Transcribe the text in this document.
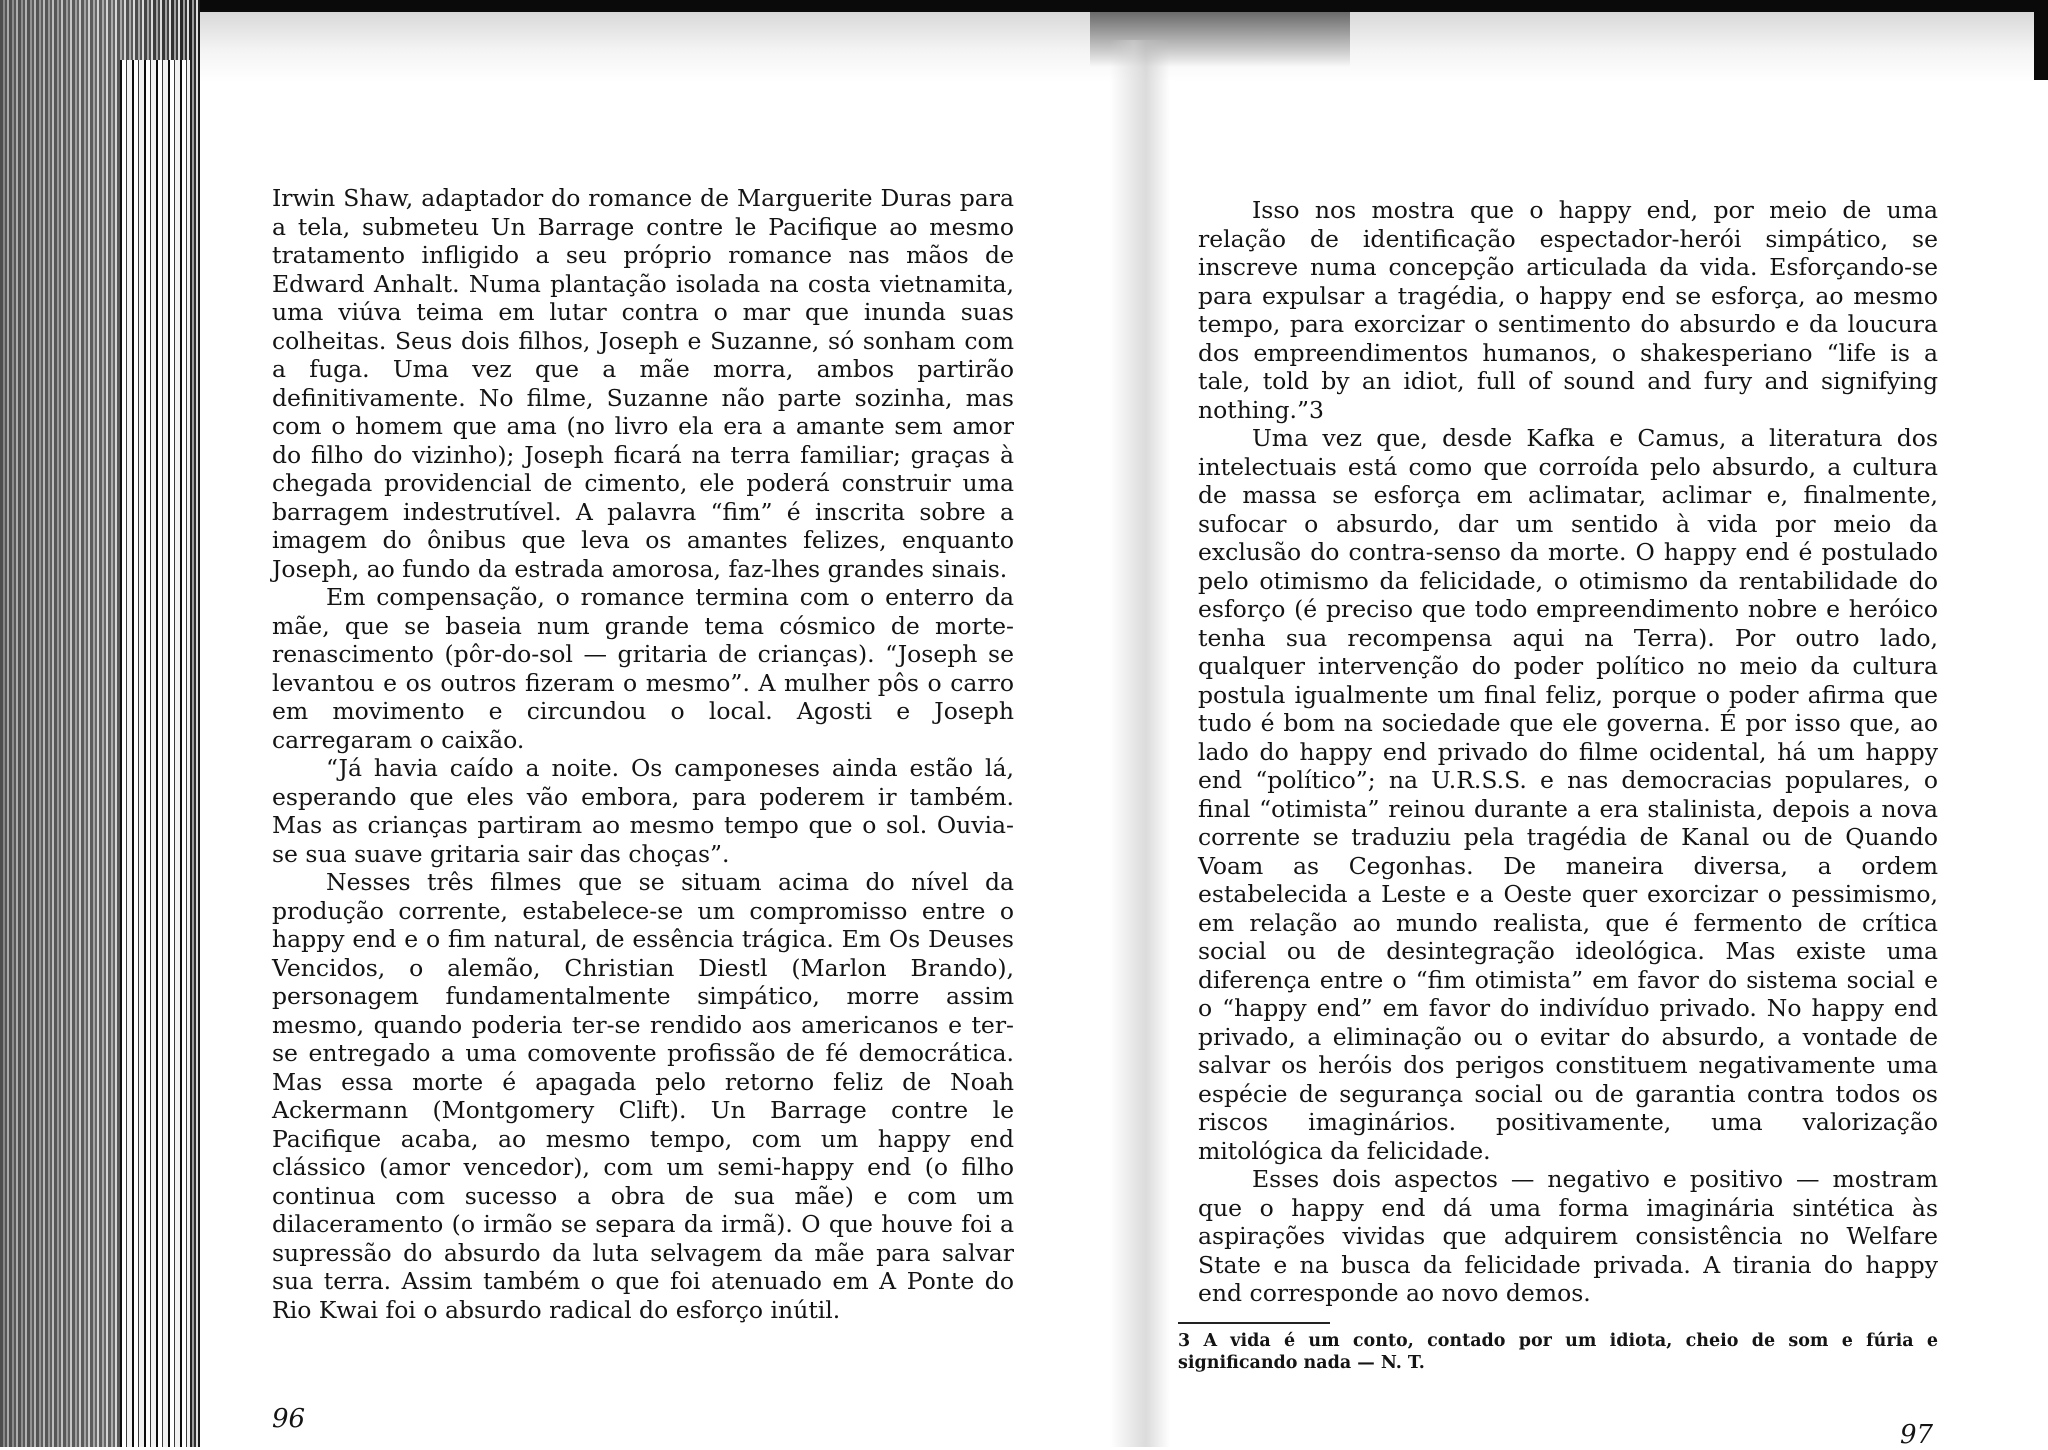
Irwin Shaw, adaptador do romance de Marguerite Duras para a tela, submeteu Un Barrage contre le Pacifique ao mesmo tratamento infligido a seu próprio romance nas mãos de Edward Anhalt. Numa plantação isolada na costa vietnamita, uma viúva teima em lutar contra o mar que inunda suas colheitas. Seus dois filhos, Joseph e Suzanne, só sonham com a fuga. Uma vez que a mãe morra, ambos partirão definitivamente. No filme, Suzanne não parte sozinha, mas com o homem que ama (no livro ela era a amante sem amor do filho do vizinho); Joseph ficará na terra familiar; graças à chegada providencial de cimento, ele poderá construir uma barragem indestrutível. A palavra “fim” é inscrita sobre a imagem do ônibus que leva os amantes felizes, enquanto Joseph, ao fundo da estrada amorosa, faz-lhes grandes sinais.

Em compensação, o romance termina com o enterro da mãe, que se baseia num grande tema cósmico de morte-renascimento (pôr-do-sol — gritaria de crianças). “Joseph se levantou e os outros fizeram o mesmo”. A mulher pôs o carro em movimento e circundou o local. Agosti e Joseph carregaram o caixão.

“Já havia caído a noite. Os camponeses ainda estão lá, esperando que eles vão embora, para poderem ir também. Mas as crianças partiram ao mesmo tempo que o sol. Ouvia-se sua suave gritaria sair das choças”.

Nesses três filmes que se situam acima do nível da produção corrente, estabelece-se um compromisso entre o happy end e o fim natural, de essência trágica. Em Os Deuses Vencidos, o alemão, Christian Diestl (Marlon Brando), personagem fundamentalmente simpático, morre assim mesmo, quando poderia ter-se rendido aos americanos e ter-se entregado a uma comovente profissão de fé democrática. Mas essa morte é apagada pelo retorno feliz de Noah Ackermann (Montgomery Clift). Un Barrage contre le Pacifique acaba, ao mesmo tempo, com um happy end clássico (amor vencedor), com um semi-happy end (o filho continua com sucesso a obra de sua mãe) e com um dilaceramento (o irmão se separa da irmã). O que houve foi a supressão do absurdo da luta selvagem da mãe para salvar sua terra. Assim também o que foi atenuado em A Ponte do Rio Kwai foi o absurdo radical do esforço inútil.

Isso nos mostra que o happy end, por meio de uma relação de identificação espectador-herói simpático, se inscreve numa concepção articulada da vida. Esforçando-se para expulsar a tragédia, o happy end se esforça, ao mesmo tempo, para exorcizar o sentimento do absurdo e da loucura dos empreendimentos humanos, o shakesperiano “life is a tale, told by an idiot, full of sound and fury and signifying nothing.”3

Uma vez que, desde Kafka e Camus, a literatura dos intelectuais está como que corroída pelo absurdo, a cultura de massa se esforça em aclimatar, aclimar e, finalmente, sufocar o absurdo, dar um sentido à vida por meio da exclusão do contra-senso da morte. O happy end é postulado pelo otimismo da felicidade, o otimismo da rentabilidade do esforço (é preciso que todo empreendimento nobre e heróico tenha sua recompensa aqui na Terra). Por outro lado, qualquer intervenção do poder político no meio da cultura postula igualmente um final feliz, porque o poder afirma que tudo é bom na sociedade que ele governa. É por isso que, ao lado do happy end privado do filme ocidental, há um happy end “político”; na U.R.S.S. e nas democracias populares, o final “otimista” reinou durante a era stalinista, depois a nova corrente se traduziu pela tragédia de Kanal ou de Quando Voam as Cegonhas. De maneira diversa, a ordem estabelecida a Leste e a Oeste quer exorcizar o pessimismo, em relação ao mundo realista, que é fermento de crítica social ou de desintegração ideológica. Mas existe uma diferença entre o “fim otimista” em favor do sistema social e o “happy end” em favor do indivíduo privado. No happy end privado, a eliminação ou o evitar do absurdo, a vontade de salvar os heróis dos perigos constituem negativamente uma espécie de segurança social ou de garantia contra todos os riscos imaginários. positivamente, uma valorização mitológica da felicidade.

Esses dois aspectos — negativo e positivo — mostram que o happy end dá uma forma imaginária sintética às aspirações vividas que adquirem consistência no Welfare State e na busca da felicidade privada. A tirania do happy end corresponde ao novo demos.

3 A vida é um conto, contado por um idiota, cheio de som e fúria e significando nada — N. T.
96
97
